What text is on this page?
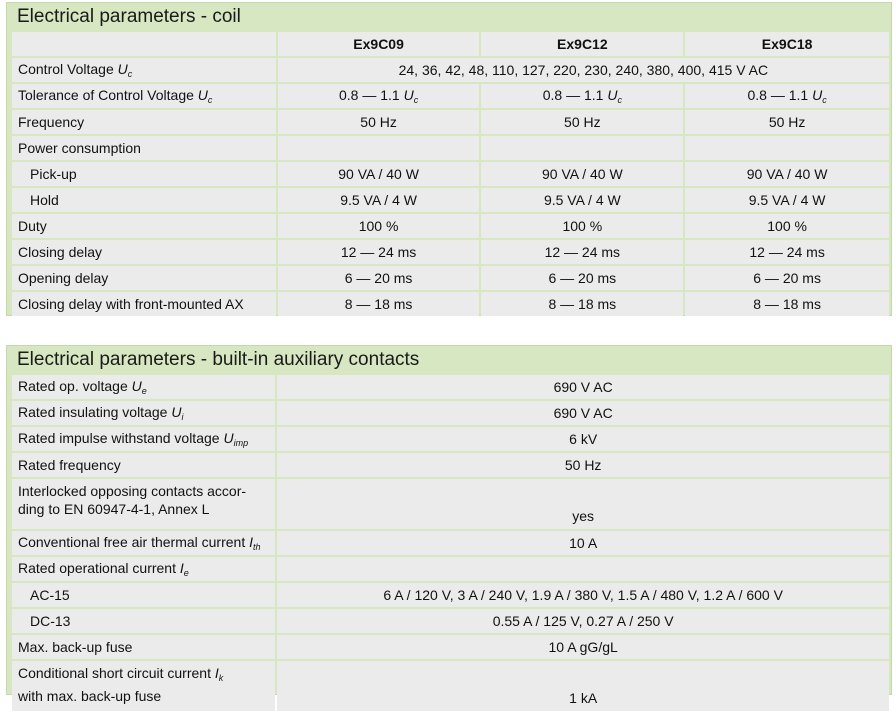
Electrical parameters - coil
	Ex9C09	Ex9C12	Ex9C18
Control Voltage $U_c$	24, 36, 42, 48, 110, 127, 220, 230, 240, 380, 400, 415 V AC		
Tolerance of Control Voltage $U_c$	0.8 — 1.1 $U_c$	0.8 — 1.1 $U_c$	0.8 — 1.1 $U_c$
Frequency	50 Hz	50 Hz	50 Hz
Power consumption			
Pick-up	90 VA / 40 W	90 VA / 40 W	90 VA / 40 W
Hold	9.5 VA / 4 W	9.5 VA / 4 W	9.5 VA / 4 W
Duty	100 %	100 %	100 %
Closing delay	12 — 24 ms	12 — 24 ms	12 — 24 ms
Opening delay	6 — 20 ms	6 — 20 ms	6 — 20 ms
Closing delay with front-mounted AX	8 — 18 ms	8 — 18 ms	8 — 18 ms
Electrical parameters - built-in auxiliary contacts
Rated op. voltage $U_e$	690 V AC
Rated insulating voltage $U_i$	690 V AC
Rated impulse withstand voltage $U_{imp}$	6 kV
Rated frequency	50 Hz

Interlocked opposing contacts accor-
ding to EN 60947-4-1, Annex L	yes
Conventional free air thermal current $I_{th}$	10 A
Rated operational current $I_e$	
AC-15	6 A / 120 V, 3 A / 240 V, 1.9 A / 380 V, 1.5 A / 480 V, 1.2 A / 600 V
DC-13	0.55 A / 125 V, 0.27 A / 250 V
Max. back-up fuse	10 A gG/gL

Conditional short circuit current $I_k$
with max. back-up fuse	1 kA
